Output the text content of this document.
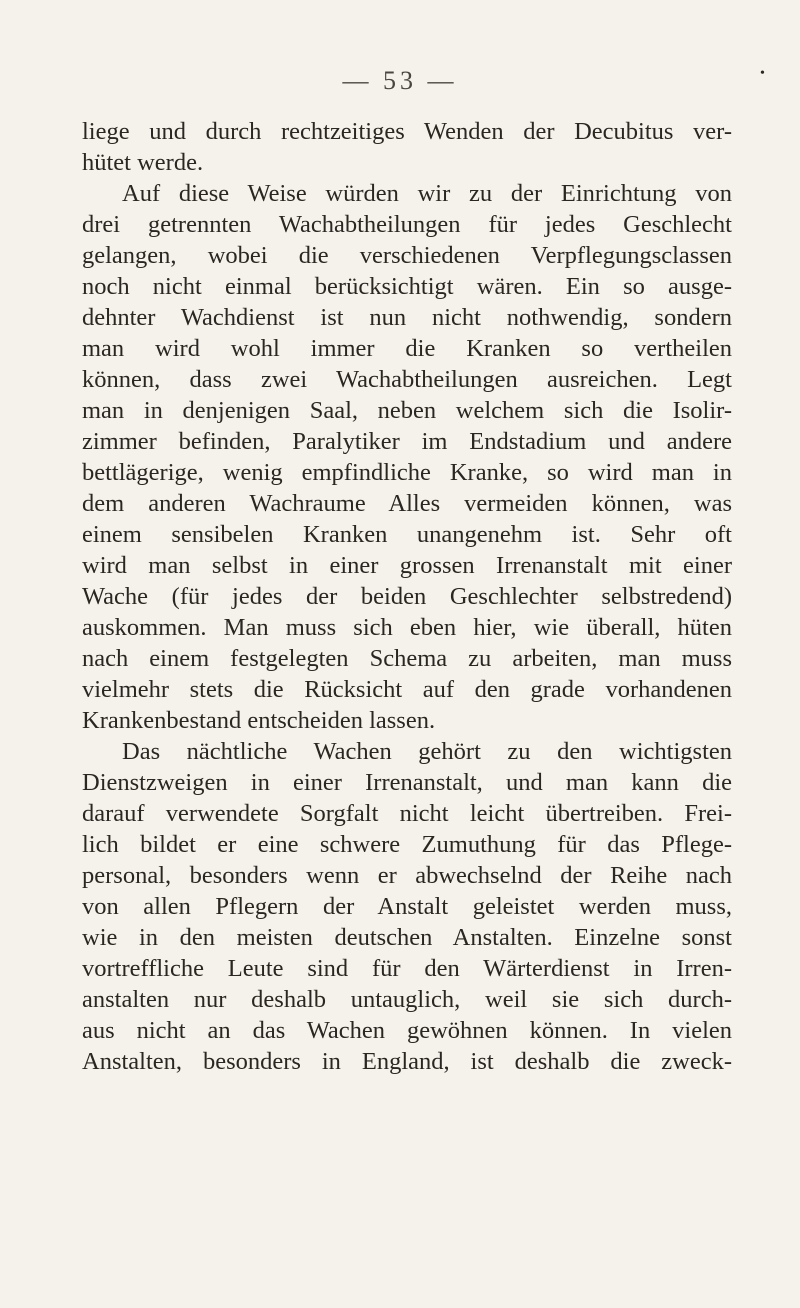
— 53 —	•
liege und durch rechtzeitiges Wenden der Decubitus ver-
hütet werde.
Auf diese Weise würden wir zu der Einrichtung von
drei getrennten Wachabtheilungen für jedes Geschlecht
gelangen, wobei die verschiedenen Verpflegungsclassen
noch nicht einmal berücksichtigt wären. Ein so ausge-
dehnter Wachdienst ist nun nicht nothwendig, sondern
man wird wohl immer die Kranken so vertheilen
können, dass zwei Wachabtheilungen ausreichen. Legt
man in denjenigen Saal, neben welchem sich die Isolir-
zimmer befinden, Paralytiker im Endstadium und andere
bettlägerige, wenig empfindliche Kranke, so wird man in
dem anderen Wachraume Alles vermeiden können, was
einem sensibelen Kranken unangenehm ist. Sehr oft
wird man selbst in einer grossen Irrenanstalt mit einer
Wache (für jedes der beiden Geschlechter selbstredend)
auskommen. Man muss sich eben hier, wie überall, hüten
nach einem festgelegten Schema zu arbeiten, man muss
vielmehr stets die Rücksicht auf den grade vorhandenen
Krankenbestand entscheiden lassen.
Das nächtliche Wachen gehört zu den wichtigsten
Dienstzweigen in einer Irrenanstalt, und man kann die
darauf verwendete Sorgfalt nicht leicht übertreiben. Frei-
lich bildet er eine schwere Zumuthung für das Pflege-
personal, besonders wenn er abwechselnd der Reihe nach
von allen Pflegern der Anstalt geleistet werden muss,
wie in den meisten deutschen Anstalten. Einzelne sonst
vortreffliche Leute sind für den Wärterdienst in Irren-
anstalten nur deshalb untauglich, weil sie sich durch-
aus nicht an das Wachen gewöhnen können. In vielen
Anstalten, besonders in England, ist deshalb die zweck-
